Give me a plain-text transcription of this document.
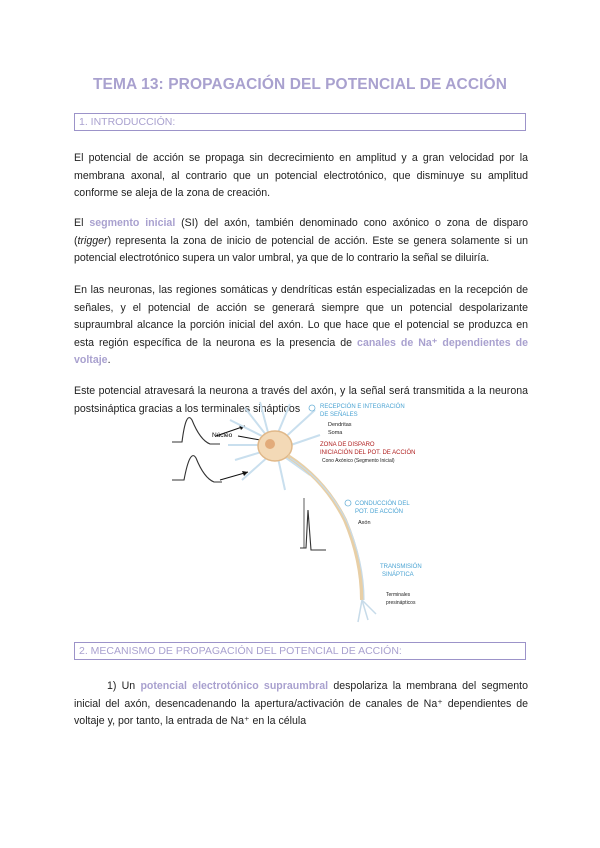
TEMA 13: PROPAGACIÓN DEL POTENCIAL DE ACCIÓN
1. INTRODUCCIÓN:
El potencial de acción se propaga sin decrecimiento en amplitud y a gran velocidad por la membrana axonal, al contrario que un potencial electrotónico, que disminuye su amplitud conforme se aleja de la zona de creación.
El segmento inicial (SI) del axón, también denominado cono axónico o zona de disparo (trigger) representa la zona de inicio de potencial de acción. Este se genera solamente si un potencial electrotónico supera un valor umbral, ya que de lo contrario la señal se diluiría.
En las neuronas, las regiones somáticas y dendríticas están especializadas en la recepción de señales, y el potencial de acción se generará siempre que un potencial despolarizante supraumbral alcance la porción inicial del axón. Lo que hace que el potencial se produzca en esta región específica de la neurona es la presencia de canales de Na⁺ dependientes de voltaje.
Este potencial atravesará la neurona a través del axón, y la señal será transmitida a la neurona postsináptica gracias a los terminales sinápticos
Núcleo
RECEPCIÓN E INTEGRACIÓN
DE SEÑALES
Dendritas
Soma
ZONA DE DISPARO
INICIACIÓN DEL POT. DE ACCIÓN
Cono Axónico (Segmento Inicial)
CONDUCCIÓN DEL
POT. DE ACCIÓN
Axón
TRANSMISIÓN
SINÁPTICA
Terminales
presinápticos
2. MECANISMO DE PROPAGACIÓN DEL POTENCIAL DE ACCIÓN:
1) Un potencial electrotónico supraumbral despolariza la membrana del segmento inicial del axón, desencadenando la apertura/activación de canales de Na⁺ dependientes de voltaje y, por tanto, la entrada de Na⁺ en la célula
